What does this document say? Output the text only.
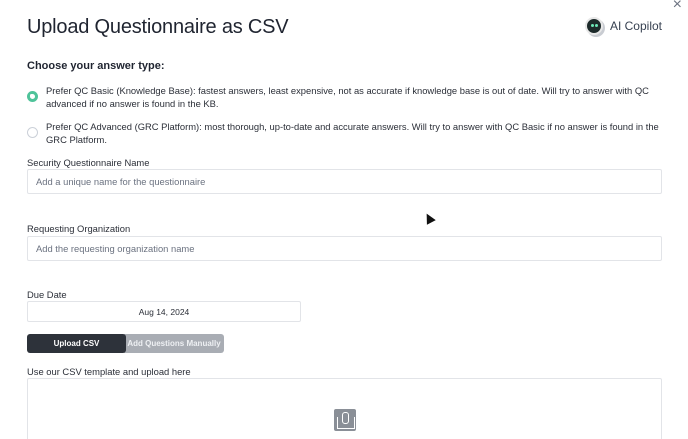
×
Upload Questionnaire as CSV	AI Copilot
Choose your answer type:
Prefer QC Basic (Knowledge Base): fastest answers, least expensive, not as accurate if knowledge base is out of date. Will try to answer with QC advanced if no answer is found in the KB.
Prefer QC Advanced (GRC Platform): most thorough, up-to-date and accurate answers. Will try to answer with QC Basic if no answer is found in the GRC Platform.
Security Questionnaire Name
Add a unique name for the questionnaire
Requesting Organization
Add the requesting organization name
Due Date
Aug 14, 2024
Upload CSV	Add Questions Manually
Use our CSV template and upload here
